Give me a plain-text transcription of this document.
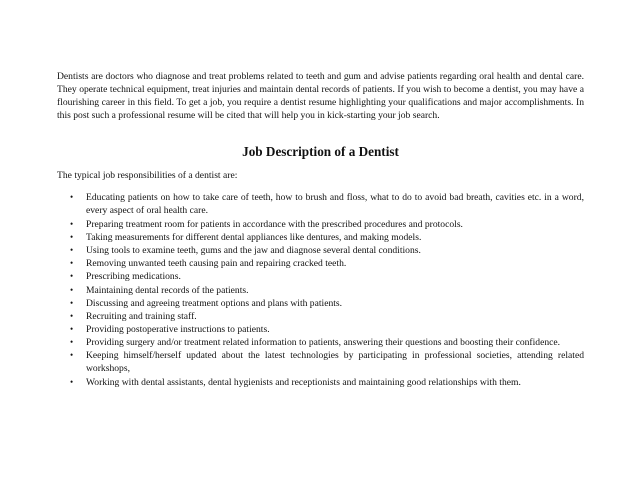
Dentists are doctors who diagnose and treat problems related to teeth and gum and advise patients regarding oral health and dental care. They operate technical equipment, treat injuries and maintain dental records of patients. If you wish to become a dentist, you may have a flourishing career in this field. To get a job, you require a dentist resume highlighting your qualifications and major accomplishments. In this post such a professional resume will be cited that will help you in kick-starting your job search.

Job Description of a Dentist

The typical job responsibilities of a dentist are:

• Educating patients on how to take care of teeth, how to brush and floss, what to do to avoid bad breath, cavities etc. in a word, every aspect of oral health care.
• Preparing treatment room for patients in accordance with the prescribed procedures and protocols.
• Taking measurements for different dental appliances like dentures, and making models.
• Using tools to examine teeth, gums and the jaw and diagnose several dental conditions.
• Removing unwanted teeth causing pain and repairing cracked teeth.
• Prescribing medications.
• Maintaining dental records of the patients.
• Discussing and agreeing treatment options and plans with patients.
• Recruiting and training staff.
• Providing postoperative instructions to patients.
• Providing surgery and/or treatment related information to patients, answering their questions and boosting their confidence.
• Keeping himself/herself updated about the latest technologies by participating in professional societies, attending related workshops,
• Working with dental assistants, dental hygienists and receptionists and maintaining good relationships with them.
